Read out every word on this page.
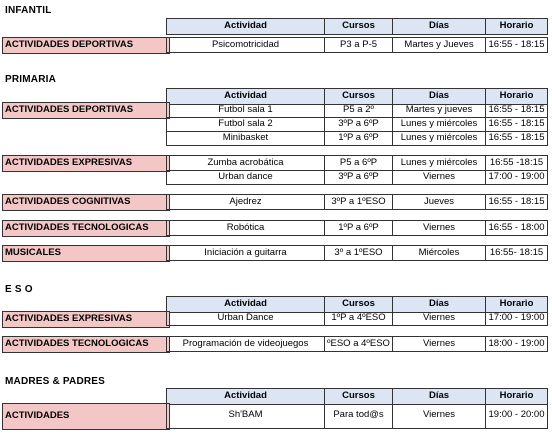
INFANTIL
Actividad	Cursos	Días	Horario
ACTIVIDADES DEPORTIVAS	Psicomotricidad	P3 a P-5	Martes y Jueves	16:55 - 18:15
PRIMARIA
Actividad	Cursos	Días	Horario
ACTIVIDADES DEPORTIVAS	Futbol sala 1	P5 a 2º	Martes y jueves	16:55 - 18:15
Futbol sala 2	3ºP a 6ºP	Lunes y miércoles	16:55 - 18:15
Minibasket	1ºP a 6ºP	Lunes y miércoles	16:55 - 18:15
ACTIVIDADES EXPRESIVAS	Zumba acrobática	P5 a 6ºP	Lunes y miércoles	16:55 -18:15
Urban dance	3ºP a 6ºP	Viernes	17:00 - 19:00
ACTIVIDADES COGNITIVAS	Ajedrez	3ºP a 1ºESO	Jueves	16:55 - 18:15
ACTIVIDADES TECNOLOGICAS	Robótica	1ºP a 6ºP	Viernes	16:55 - 18:00
MUSICALES	Iniciación a guitarra	3º a 1ºESO	Miércoles	16:55- 18:15
E S O
Actividad	Cursos	Días	Horario
ACTIVIDADES EXPRESIVAS	Urban Dance	1ºP a 4ºESO	Viernes	17:00 - 19:00
ACTIVIDADES TECNOLOGICAS	Programación de videojuegos	ºESO a 4ºESO	Viernes	18:00 - 19:00
MADRES & PADRES
Actividad	Cursos	Días	Horario
ACTIVIDADES	Sh'BAM	Para tod@s	Viernes	19:00 - 20:00
